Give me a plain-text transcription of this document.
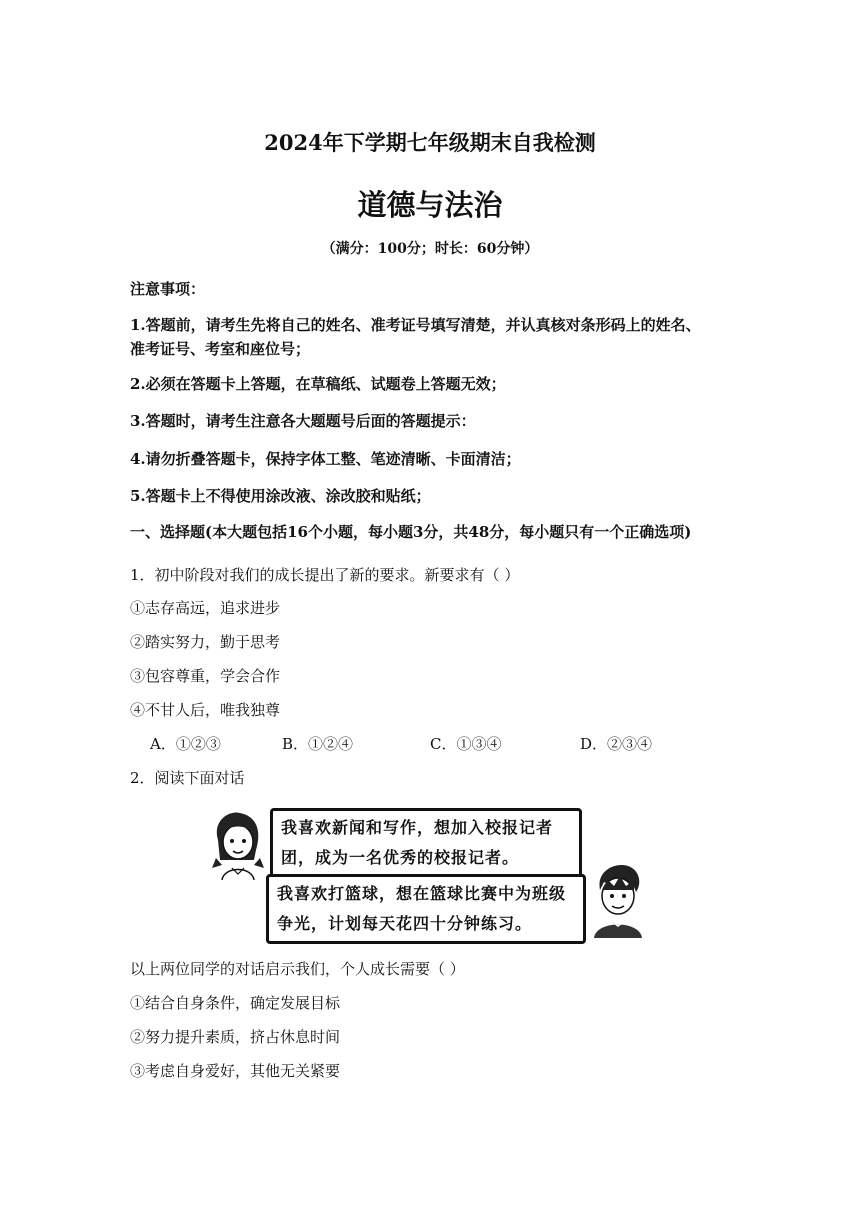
2024年下学期七年级期末自我检测
道德与法治
（满分：100分；时长：60分钟）
注意事项：
1.答题前，请考生先将自己的姓名、准考证号填写清楚，并认真核对条形码上的姓名、
准考证号、考室和座位号；
2.必须在答题卡上答题，在草稿纸、试题卷上答题无效；
3.答题时，请考生注意各大题题号后面的答题提示：
4.请勿折叠答题卡，保持字体工整、笔迹清晰、卡面清洁；
5.答题卡上不得使用涂改液、涂改胶和贴纸；
一、选择题(本大题包括16个小题，每小题3分，共48分，每小题只有一个正确选项)
1．初中阶段对我们的成长提出了新的要求。新要求有（ ）
①志存高远，追求进步
②踏实努力，勤于思考
③包容尊重，学会合作
④不甘人后，唯我独尊
A．①②③	B．①②④	C．①③④	D．②③④
2．阅读下面对话
我喜欢新闻和写作，想加入校报记者团，成为一名优秀的校报记者。
我喜欢打篮球，想在篮球比赛中为班级争光，计划每天花四十分钟练习。
以上两位同学的对话启示我们，个人成长需要（ ）
①结合自身条件，确定发展目标
②努力提升素质，挤占休息时间
③考虑自身爱好，其他无关紧要
